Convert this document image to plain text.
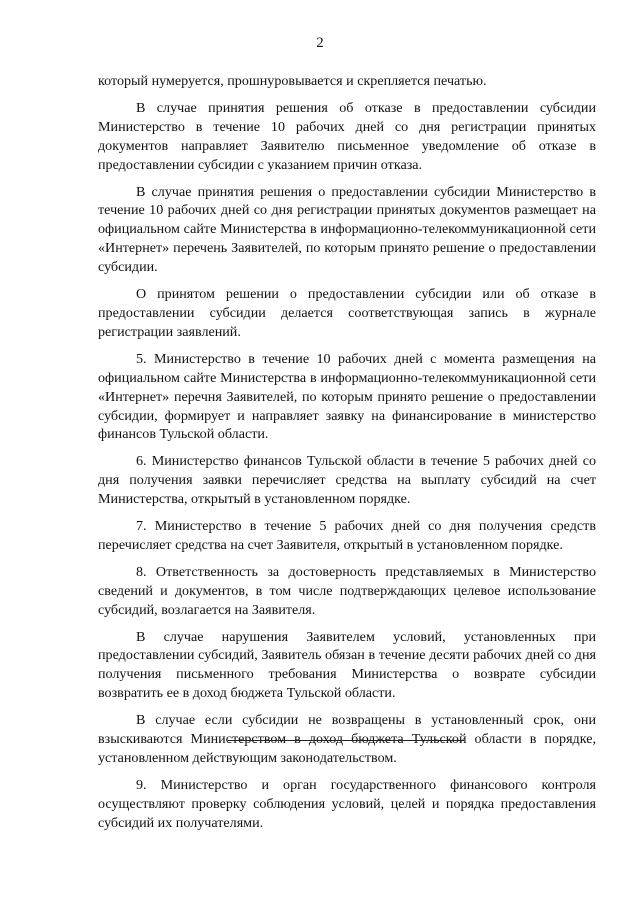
2

который нумеруется, прошнуровывается и скрепляется печатью.

В случае принятия решения об отказе в предоставлении субсидии Министерство в течение 10 рабочих дней со дня регистрации принятых документов направляет Заявителю письменное уведомление об отказе в предоставлении субсидии с указанием причин отказа.

В случае принятия решения о предоставлении субсидии Министерство в течение 10 рабочих дней со дня регистрации принятых документов размещает на официальном сайте Министерства в информационно-телекоммуникационной сети «Интернет» перечень Заявителей, по которым принято решение о предоставлении субсидии.

О принятом решении о предоставлении субсидии или об отказе в предоставлении субсидии делается соответствующая запись в журнале регистрации заявлений.

5. Министерство в течение 10 рабочих дней с момента размещения на официальном сайте Министерства в информационно-телекоммуникационной сети «Интернет» перечня Заявителей, по которым принято решение о предоставлении субсидии, формирует и направляет заявку на финансирование в министерство финансов Тульской области.

6. Министерство финансов Тульской области в течение 5 рабочих дней со дня получения заявки перечисляет средства на выплату субсидий на счет Министерства, открытый в установленном порядке.

7. Министерство в течение 5 рабочих дней со дня получения средств перечисляет средства на счет Заявителя, открытый в установленном порядке.

8. Ответственность за достоверность представляемых в Министерство сведений и документов, в том числе подтверждающих целевое использование субсидий, возлагается на Заявителя.

В случае нарушения Заявителем условий, установленных при предоставлении субсидий, Заявитель обязан в течение десяти рабочих дней со дня получения письменного требования Министерства о возврате субсидии возвратить ее в доход бюджета Тульской области.

В случае если субсидии не возвращены в установленный срок, они взыскиваются Министерством в доход бюджета Тульской области в порядке, установленном действующим законодательством.

9. Министерство и орган государственного финансового контроля осуществляют проверку соблюдения условий, целей и порядка предоставления субсидий их получателями.
